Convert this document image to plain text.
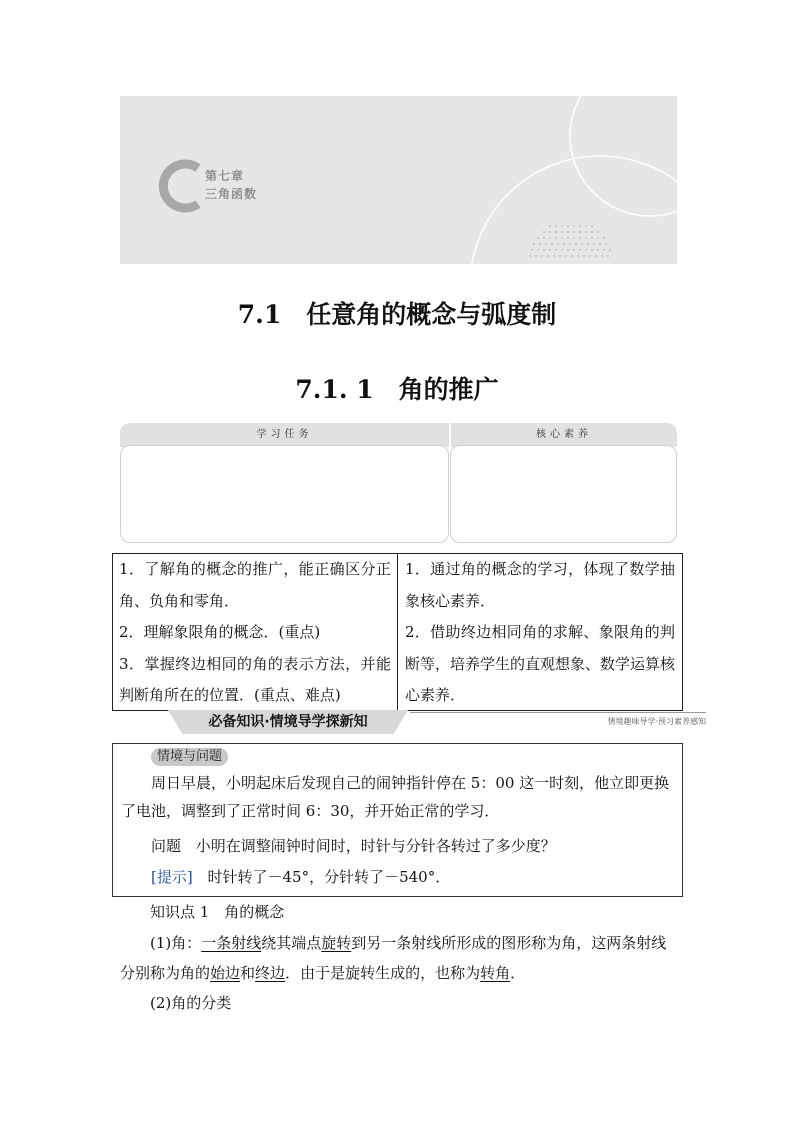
第七章
三角函数
7.1　任意角的概念与弧度制
7.1. 1　角的推广
学习任务	核心素养

1．了解角的概念的推广，能正确区分正角、负角和零角．

2．理解象限角的概念．(重点)

3．掌握终边相同的角的表示方法，并能判断角所在的位置．(重点、难点)

1．通过角的概念的学习，体现了数学抽象核心素养．

2．借助终边相同角的求解、象限角的判断等，培养学生的直观想象、数学运算核心素养．

必备知识·情境导学探新知	情境趣味导学·预习素养感知
情境与问题
周日早晨，小明起床后发现自己的闹钟指针停在 5：00 这一时刻，他立即更换了电池，调整到了正常时间 6：30，并开始正常的学习．
问题 小明在调整闹钟时间时，时针与分针各转过了多少度？
[提示] 时针转了－45°，分针转了－540°．
知识点 1　角的概念
(1)角：一条射线绕其端点旋转到另一条射线所形成的图形称为角，这两条射线分别称为角的始边和终边．由于是旋转生成的，也称为转角．
(2)角的分类
